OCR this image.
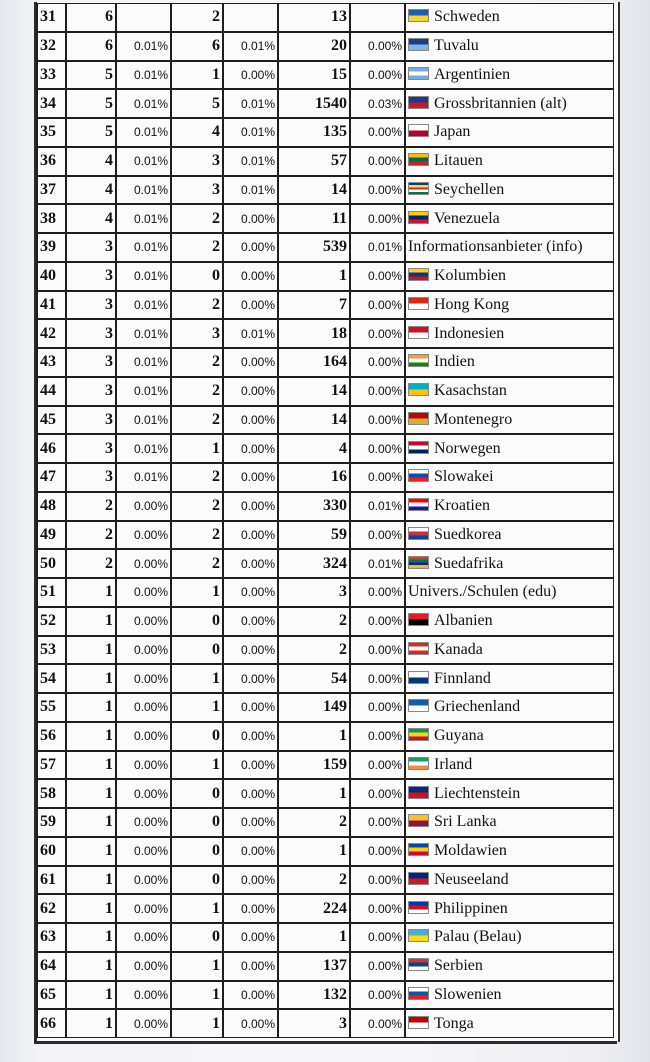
31	6		2		13		Schweden
32	6	0.01%	6	0.01%	20	0.00%	Tuvalu
33	5	0.01%	1	0.00%	15	0.00%	Argentinien
34	5	0.01%	5	0.01%	1540	0.03%	Grossbritannien (alt)
35	5	0.01%	4	0.01%	135	0.00%	Japan
36	4	0.01%	3	0.01%	57	0.00%	Litauen
37	4	0.01%	3	0.01%	14	0.00%	Seychellen
38	4	0.01%	2	0.00%	11	0.00%	Venezuela
39	3	0.01%	2	0.00%	539	0.01%	Informationsanbieter (info)
40	3	0.01%	0	0.00%	1	0.00%	Kolumbien
41	3	0.01%	2	0.00%	7	0.00%	Hong Kong
42	3	0.01%	3	0.01%	18	0.00%	Indonesien
43	3	0.01%	2	0.00%	164	0.00%	Indien
44	3	0.01%	2	0.00%	14	0.00%	Kasachstan
45	3	0.01%	2	0.00%	14	0.00%	Montenegro
46	3	0.01%	1	0.00%	4	0.00%	Norwegen
47	3	0.01%	2	0.00%	16	0.00%	Slowakei
48	2	0.00%	2	0.00%	330	0.01%	Kroatien
49	2	0.00%	2	0.00%	59	0.00%	Suedkorea
50	2	0.00%	2	0.00%	324	0.01%	Suedafrika
51	1	0.00%	1	0.00%	3	0.00%	Univers./Schulen (edu)
52	1	0.00%	0	0.00%	2	0.00%	Albanien
53	1	0.00%	0	0.00%	2	0.00%	Kanada
54	1	0.00%	1	0.00%	54	0.00%	Finnland
55	1	0.00%	1	0.00%	149	0.00%	Griechenland
56	1	0.00%	0	0.00%	1	0.00%	Guyana
57	1	0.00%	1	0.00%	159	0.00%	Irland
58	1	0.00%	0	0.00%	1	0.00%	Liechtenstein
59	1	0.00%	0	0.00%	2	0.00%	Sri Lanka
60	1	0.00%	0	0.00%	1	0.00%	Moldawien
61	1	0.00%	0	0.00%	2	0.00%	Neuseeland
62	1	0.00%	1	0.00%	224	0.00%	Philippinen
63	1	0.00%	0	0.00%	1	0.00%	Palau (Belau)
64	1	0.00%	1	0.00%	137	0.00%	Serbien
65	1	0.00%	1	0.00%	132	0.00%	Slowenien
66	1	0.00%	1	0.00%	3	0.00%	Tonga
